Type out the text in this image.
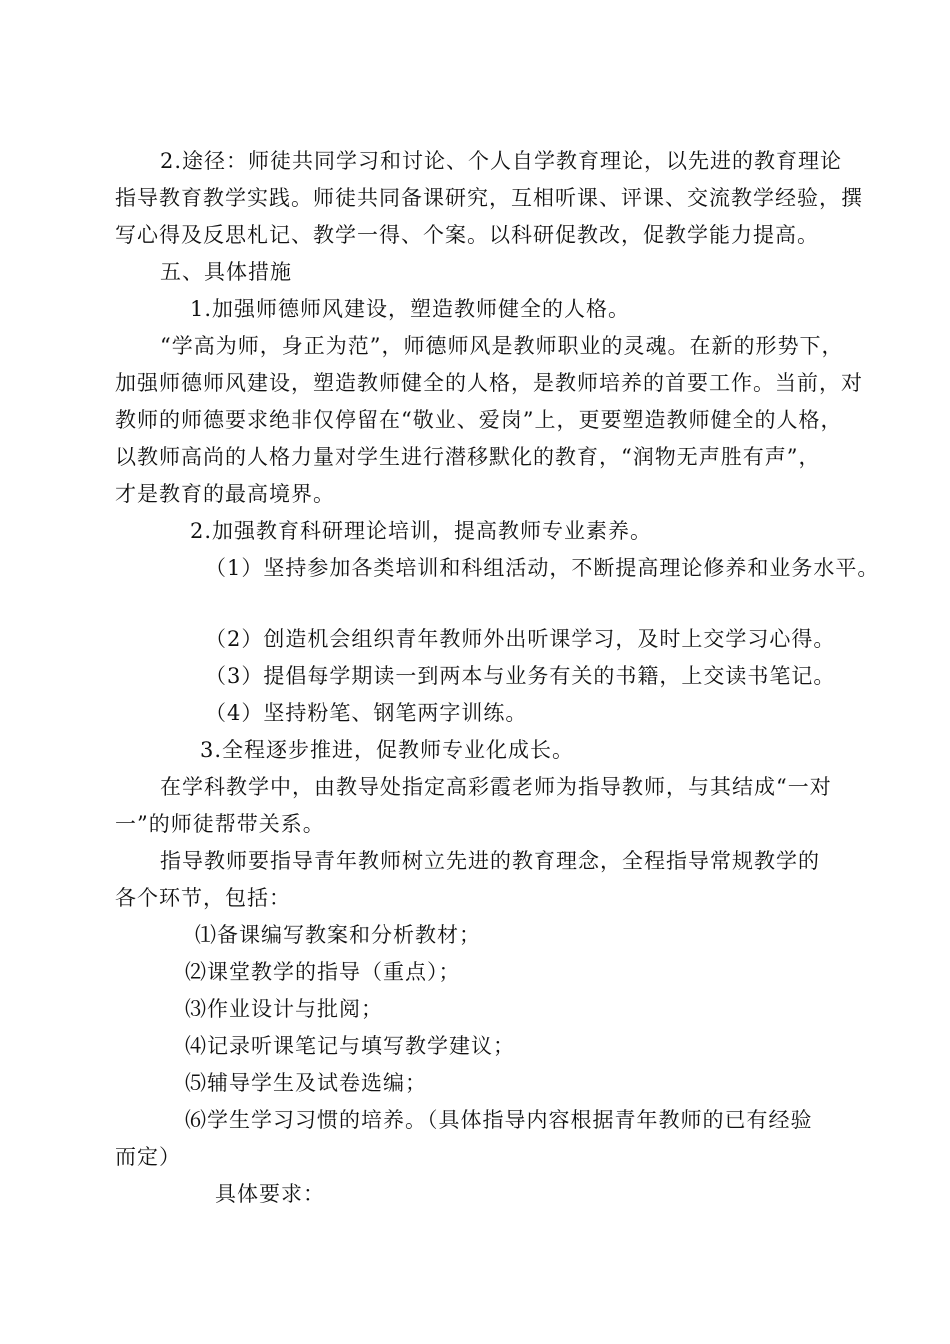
2.途径：师徒共同学习和讨论、个人自学教育理论，以先进的教育理论
指导教育教学实践。师徒共同备课研究，互相听课、评课、交流教学经验，撰
写心得及反思札记、教学一得、个案。以科研促教改，促教学能力提高。
五、具体措施
1.加强师德师风建设，塑造教师健全的人格。
“学高为师，身正为范”，师德师风是教师职业的灵魂。在新的形势下，
加强师德师风建设，塑造教师健全的人格，是教师培养的首要工作。当前，对
教师的师德要求绝非仅停留在“敬业、爱岗”上，更要塑造教师健全的人格，
以教师高尚的人格力量对学生进行潜移默化的教育，“润物无声胜有声”，
才是教育的最高境界。
2.加强教育科研理论培训，提高教师专业素养。
（1）坚持参加各类培训和科组活动，不断提高理论修养和业务水平。
（2）创造机会组织青年教师外出听课学习，及时上交学习心得。
（3）提倡每学期读一到两本与业务有关的书籍，上交读书笔记。
（4）坚持粉笔、钢笔两字训练。
3.全程逐步推进，促教师专业化成长。
在学科教学中，由教导处指定高彩霞老师为指导教师，与其结成“一对
一”的师徒帮带关系。
指导教师要指导青年教师树立先进的教育理念，全程指导常规教学的
各个环节，包括：
⑴备课编写教案和分析教材；
⑵课堂教学的指导（重点）；
⑶作业设计与批阅；
⑷记录听课笔记与填写教学建议；
⑸辅导学生及试卷选编；
⑹学生学习习惯的培养。（具体指导内容根据青年教师的已有经验
而定）
具体要求：
